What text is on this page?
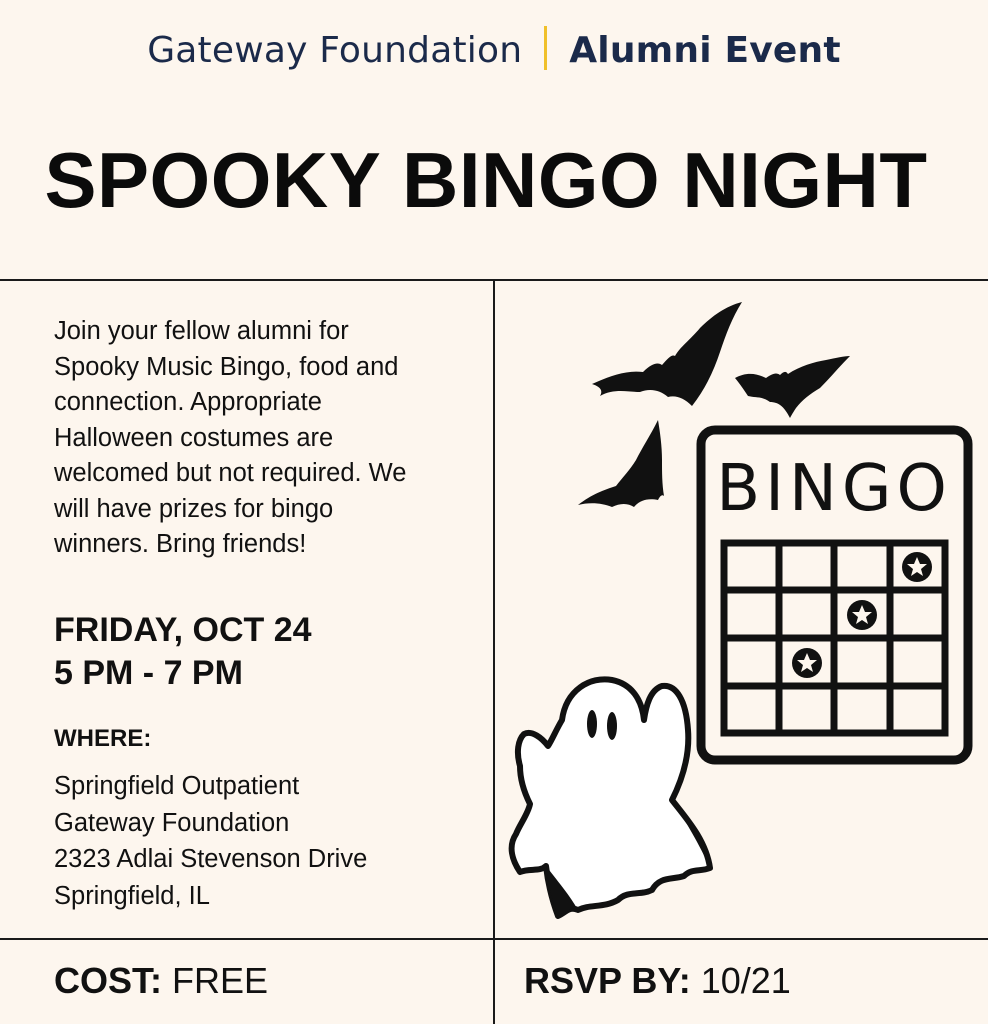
Gateway Foundation Alumni Event
SPOOKY BINGO NIGHT
Join your fellow alumni for
Spooky Music Bingo, food and
connection. Appropriate
Halloween costumes are
welcomed but not required. We
will have prizes for bingo
winners. Bring friends!
FRIDAY, OCT 24
5 PM - 7 PM
WHERE:
Springfield Outpatient
Gateway Foundation
2323 Adlai Stevenson Drive
Springfield, IL
COST: FREE	RSVP BY: 10/21
BINGO
